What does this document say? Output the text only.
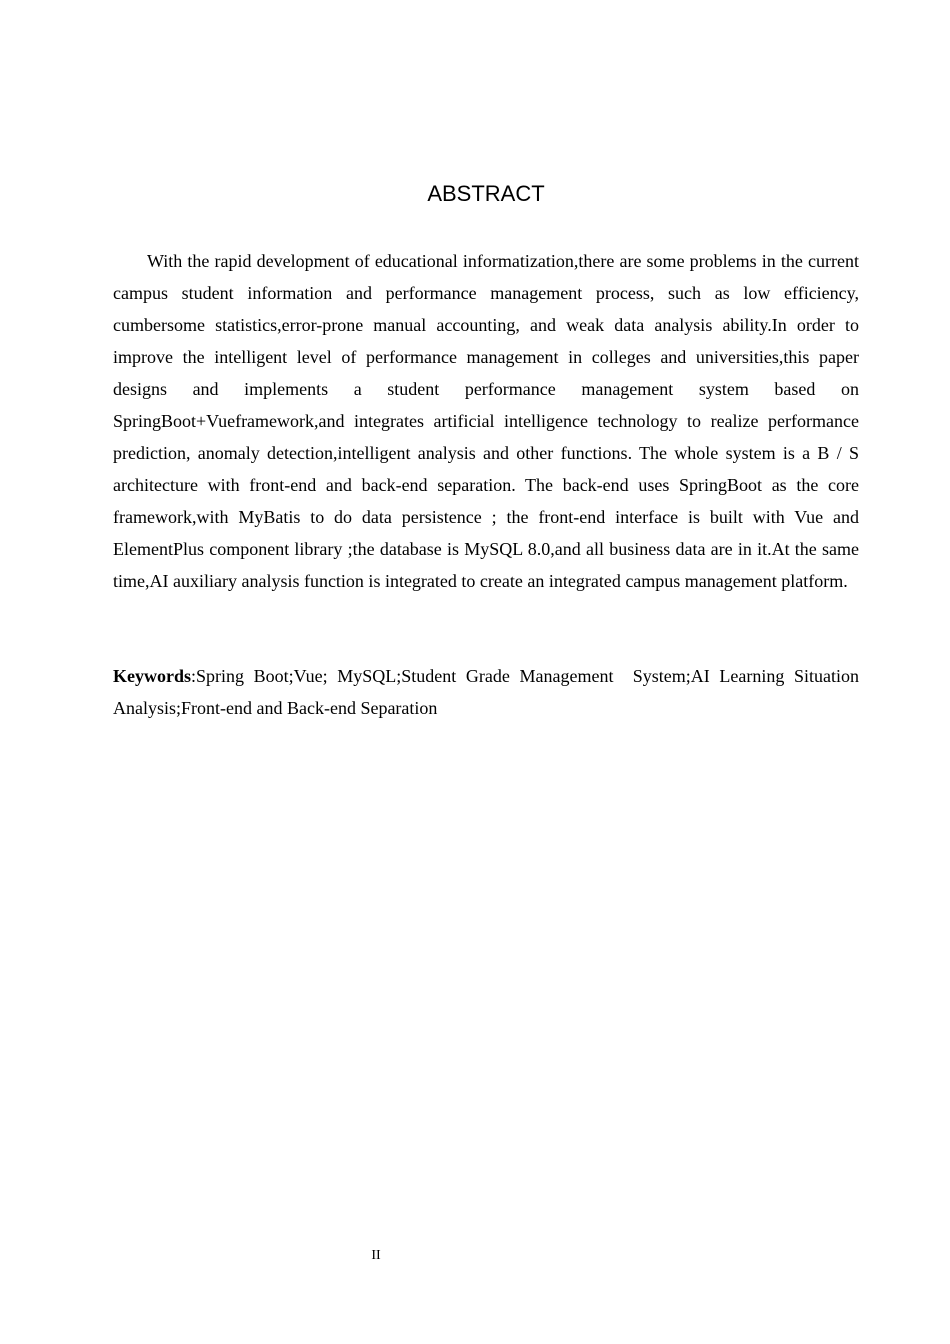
ABSTRACT

With the rapid development of educational informatization,there are some problems in the current campus student information and performance management process, such as low efficiency, cumbersome statistics,error-prone manual accounting, and weak data analysis ability.In order to improve the intelligent level of performance management in colleges and universities,this paper designs and implements a student performance management system based on SpringBoot+Vueframework,and integrates artificial intelligence technology to realize performance prediction, anomaly detection,intelligent analysis and other functions. The whole system is a B / S architecture with front-end and back-end separation. The back-end uses SpringBoot as the core framework,with MyBatis to do data persistence ; the front-end interface is built with Vue and ElementPlus component library ;the database is MySQL 8.0,and all business data are in it.At the same time,AI auxiliary analysis function is integrated to create an integrated campus management platform.

Keywords:Spring Boot;Vue; MySQL;Student Grade Management  System;AI Learning Situation Analysis;Front-end and Back-end Separation

II
